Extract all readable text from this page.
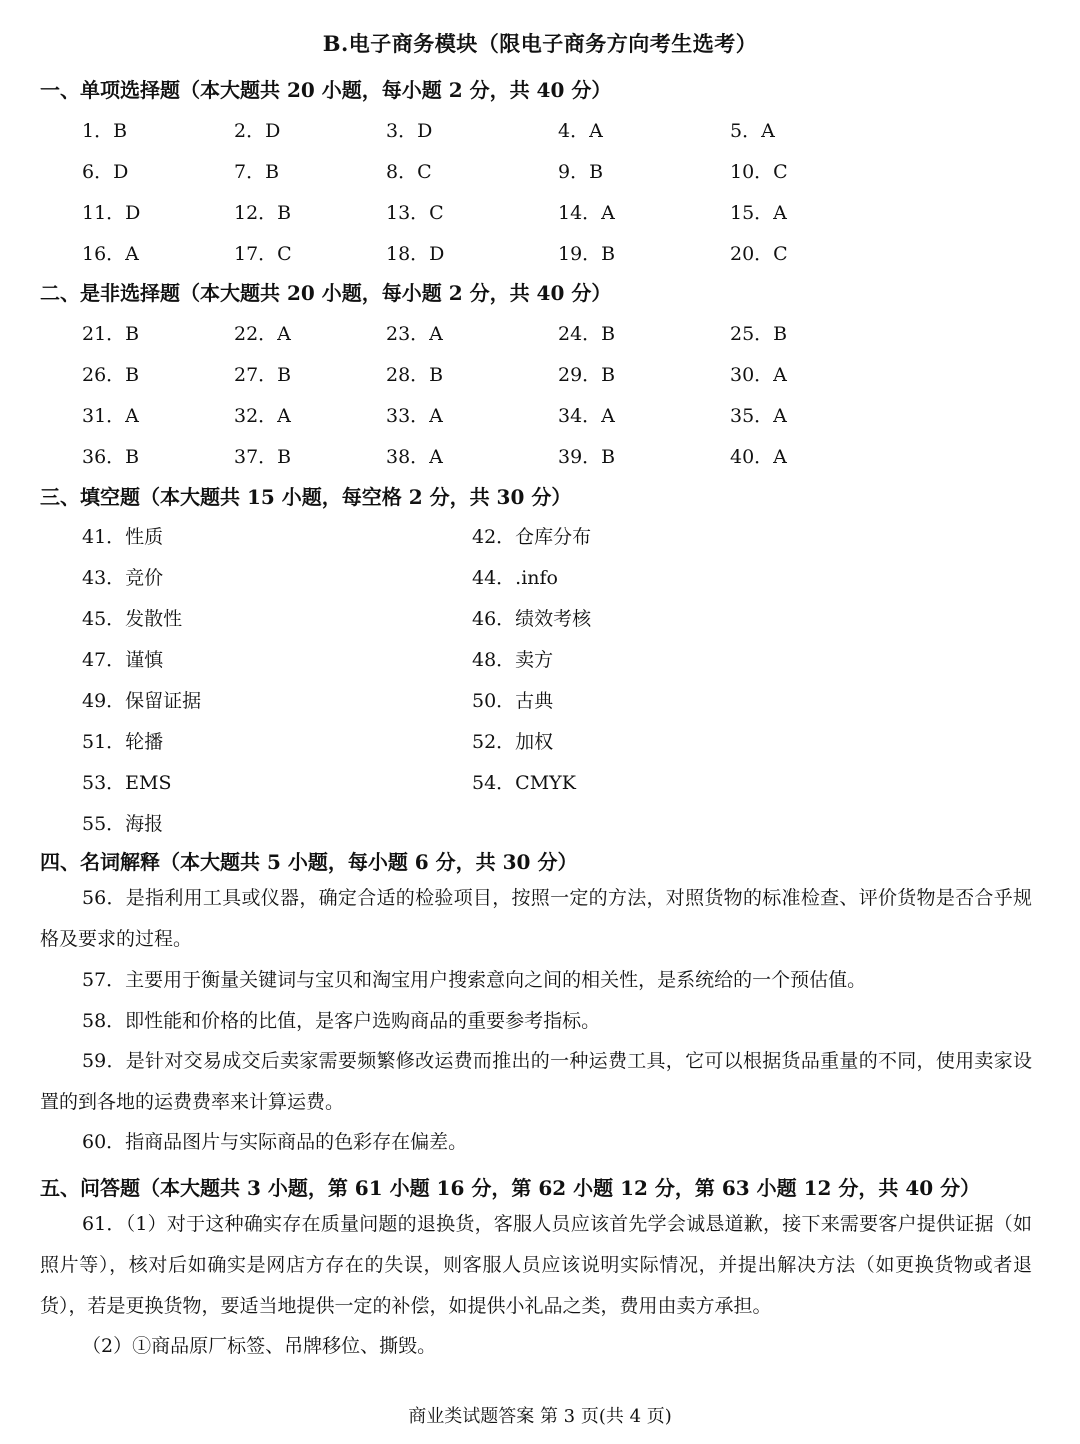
B.电子商务模块（限电子商务方向考生选考）
一、单项选择题（本大题共 20 小题，每小题 2 分，共 40 分）
1．B	2．D	3．D	4．A	5．A
6．D	7．B	8．C	9．B	10．C
11．D	12．B	13．C	14．A	15．A
16．A	17．C	18．D	19．B	20．C
二、是非选择题（本大题共 20 小题，每小题 2 分，共 40 分）
21．B	22．A	23．A	24．B	25．B
26．B	27．B	28．B	29．B	30．A
31．A	32．A	33．A	34．A	35．A
36．B	37．B	38．A	39．B	40．A
三、填空题（本大题共 15 小题，每空格 2 分，共 30 分）
41．性质	42．仓库分布
43．竞价	44．.info
45．发散性	46．绩效考核
47．谨慎	48．卖方
49．保留证据	50．古典
51．轮播	52．加权
53．EMS	54．CMYK
55．海报
四、名词解释（本大题共 5 小题，每小题 6 分，共 30 分）

56．是指利用工具或仪器，确定合适的检验项目，按照一定的方法，对照货物的标准检查、评价货物是否合乎规格及要求的过程。

57．主要用于衡量关键词与宝贝和淘宝用户搜索意向之间的相关性，是系统给的一个预估值。

58．即性能和价格的比值，是客户选购商品的重要参考指标。

59．是针对交易成交后卖家需要频繁修改运费而推出的一种运费工具，它可以根据货品重量的不同，使用卖家设置的到各地的运费费率来计算运费。

60．指商品图片与实际商品的色彩存在偏差。

五、问答题（本大题共 3 小题，第 61 小题 16 分，第 62 小题 12 分，第 63 小题 12 分，共 40 分）

61．（1）对于这种确实存在质量问题的退换货，客服人员应该首先学会诚恳道歉，接下来需要客户提供证据（如照片等），核对后如确实是网店方存在的失误，则客服人员应该说明实际情况，并提出解决方法（如更换货物或者退货），若是更换货物，要适当地提供一定的补偿，如提供小礼品之类，费用由卖方承担。

（2）①商品原厂标签、吊牌移位、撕毁。

商业类试题答案 第 3 页(共 4 页)
